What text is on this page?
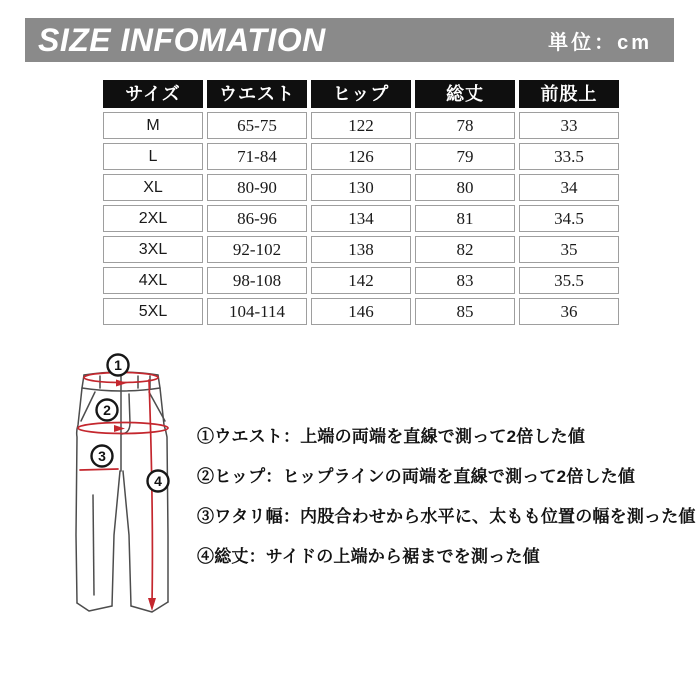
SIZE INFOMATION	単位：cm
サイズ	ウエスト	ヒップ	総丈	前股上
M	65-75	122	78	33
L	71-84	126	79	33.5
XL	80-90	130	80	34
2XL	86-96	134	81	34.5
3XL	92-102	138	82	35
4XL	98-108	142	83	35.5
5XL	104-114	146	85	36
1
2
3
4
①ウエスト：上端の両端を直線で測って2倍した値
②ヒップ：ヒップラインの両端を直線で測って2倍した値
③ワタリ幅：内股合わせから水平に、太もも位置の幅を測った値
④総丈：サイドの上端から裾までを測った値
